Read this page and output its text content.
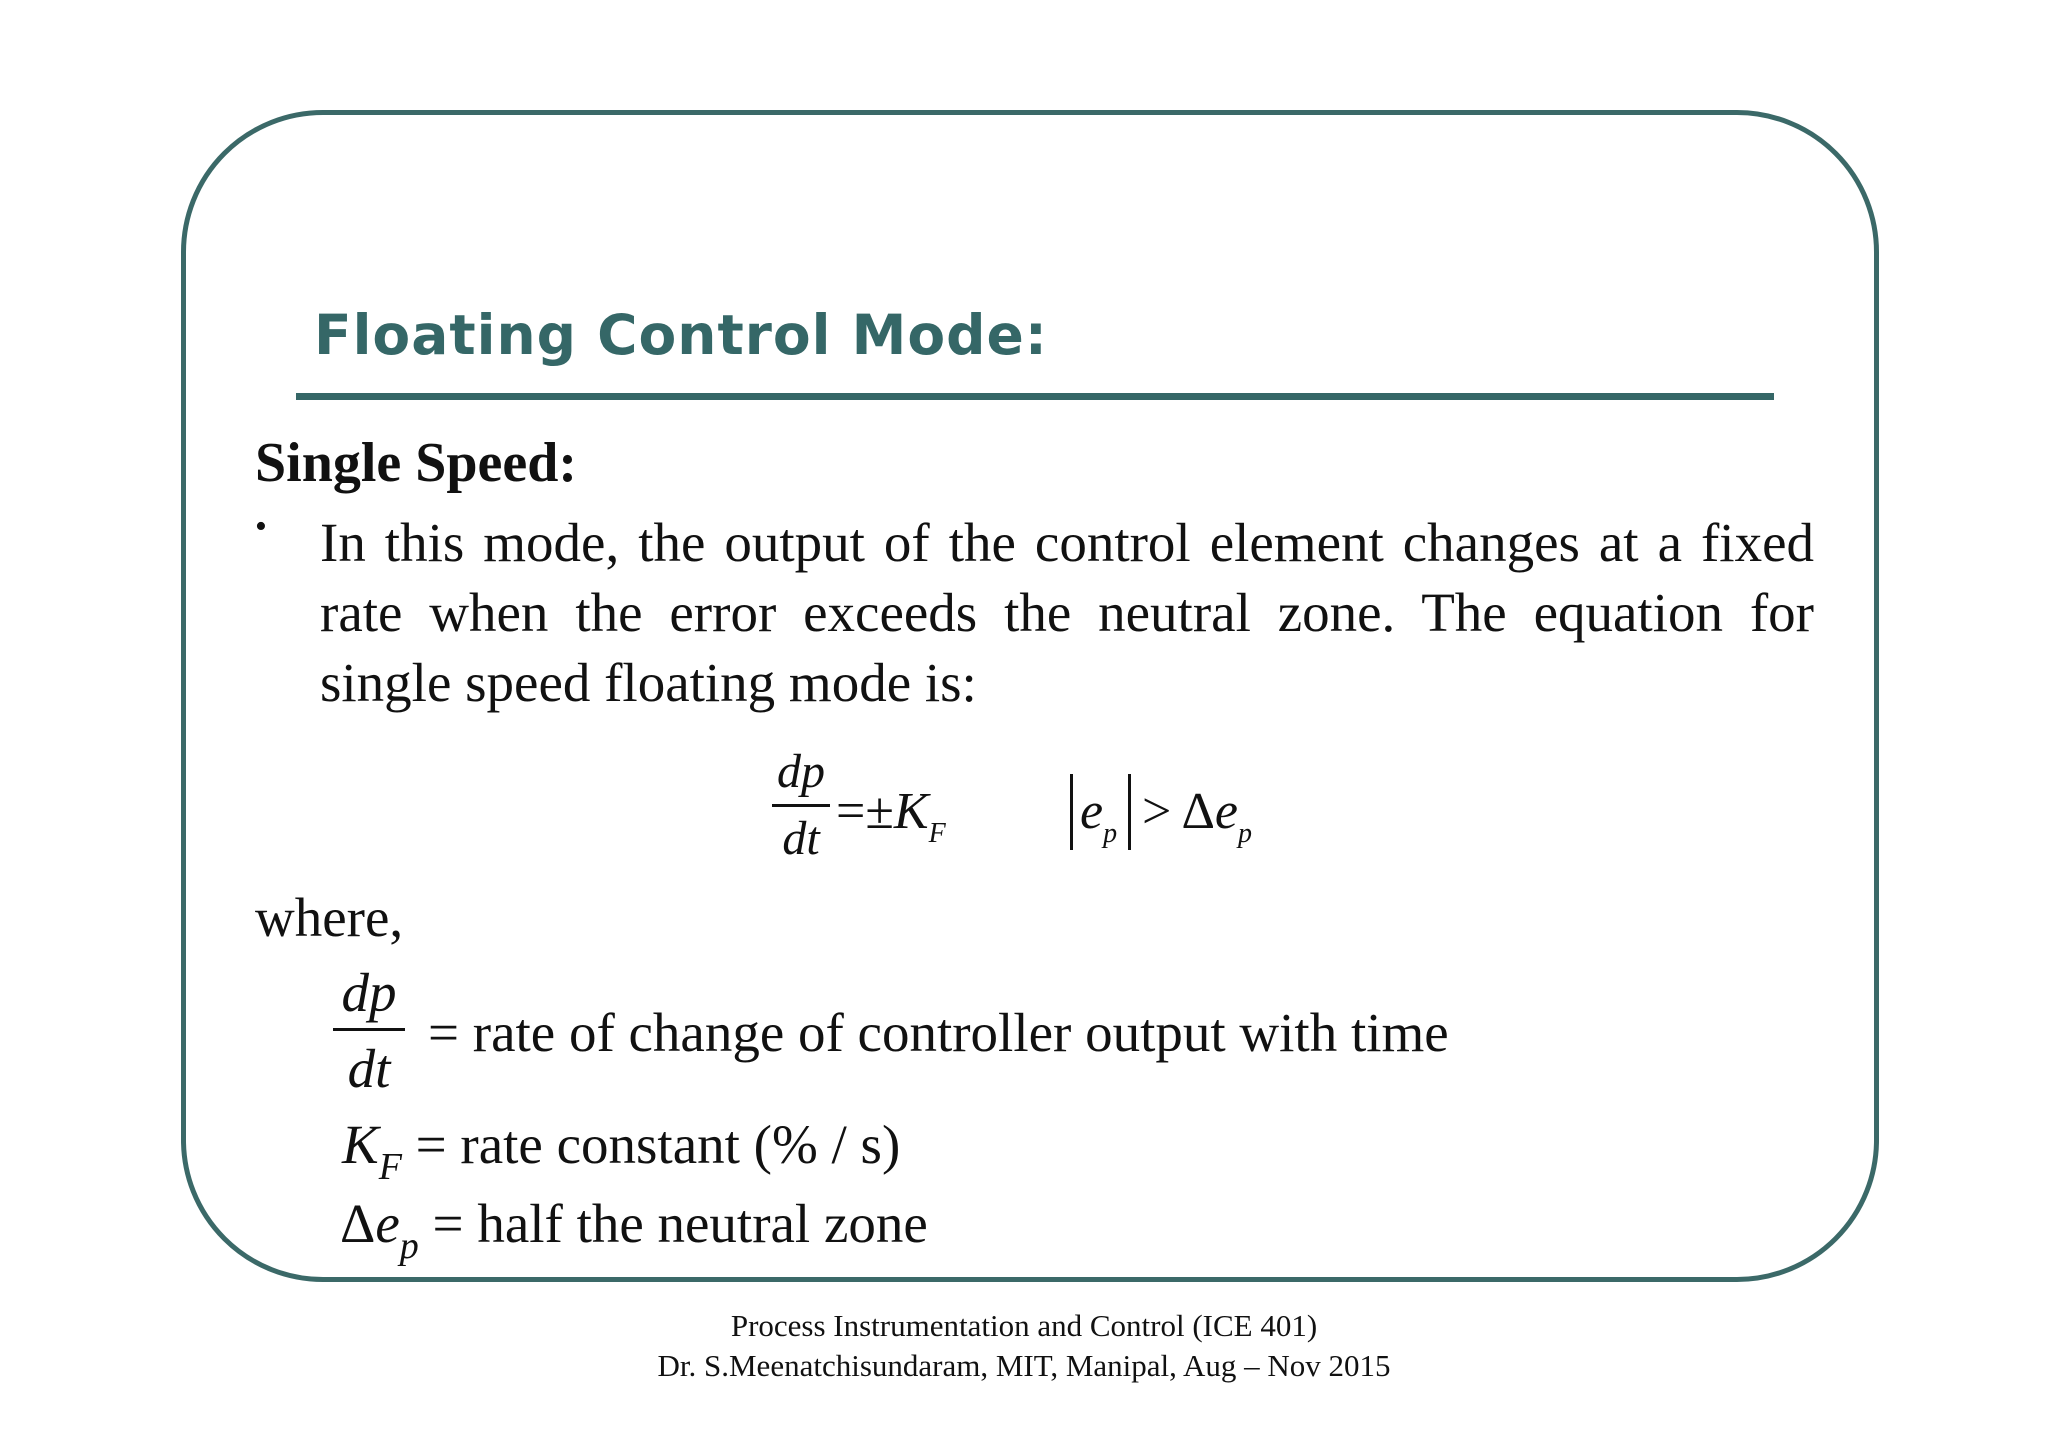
Floating Control Mode:
Single Speed:
• In this mode, the output of the control element changes at a fixed rate when the error exceeds the neutral zone. The equation for single speed floating mode is:
dp
dt $=\pm K_F$	$e_p > \Delta e_p$
where,
dp
dt
= rate of change of controller output with time
$K_F$ = rate constant (% / s)
$\Delta e_p$ = half the neutral zone
Process Instrumentation and Control (ICE 401)
Dr. S.Meenatchisundaram, MIT, Manipal, Aug – Nov 2015
